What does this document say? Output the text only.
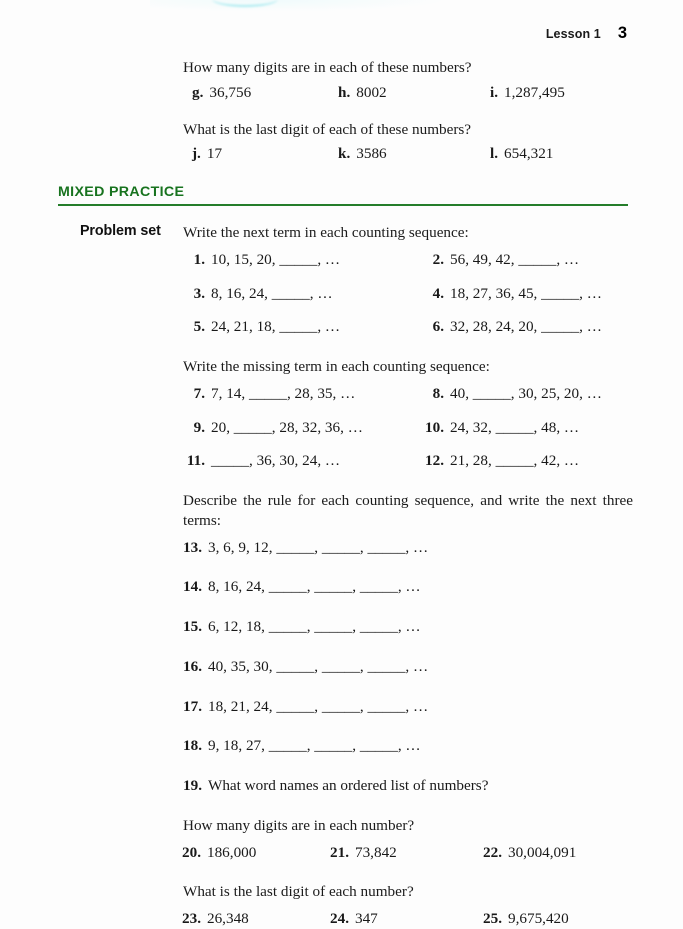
Lesson 1 3
How many digits are in each of these numbers?
g. 36,756	h. 8002	i. 1,287,495
What is the last digit of each of these numbers?
j. 17	k. 3586	l. 654,321
MIXED PRACTICE
Problem set Write the next term in each counting sequence:
1. 10, 15, 20, _____, …	2. 56, 49, 42, _____, …
3. 8, 16, 24, _____, …	4. 18, 27, 36, 45, _____, …
5. 24, 21, 18, _____, …	6. 32, 28, 24, 20, _____, …
Write the missing term in each counting sequence:
7. 7, 14, _____, 28, 35, …	8. 40, _____, 30, 25, 20, …
9. 20, _____, 28, 32, 36, …	10. 24, 32, _____, 48, …
11. _____, 36, 30, 24, …	12. 21, 28, _____, 42, …
Describe the rule for each counting sequence, and write the next three terms:
13. 3, 6, 9, 12, _____, _____, _____, …
14. 8, 16, 24, _____, _____, _____, …
15. 6, 12, 18, _____, _____, _____, …
16. 40, 35, 30, _____, _____, _____, …
17. 18, 21, 24, _____, _____, _____, …
18. 9, 18, 27, _____, _____, _____, …
19. What word names an ordered list of numbers?
How many digits are in each number?
20. 186,000	21. 73,842	22. 30,004,091
What is the last digit of each number?
23. 26,348	24. 347	25. 9,675,420
